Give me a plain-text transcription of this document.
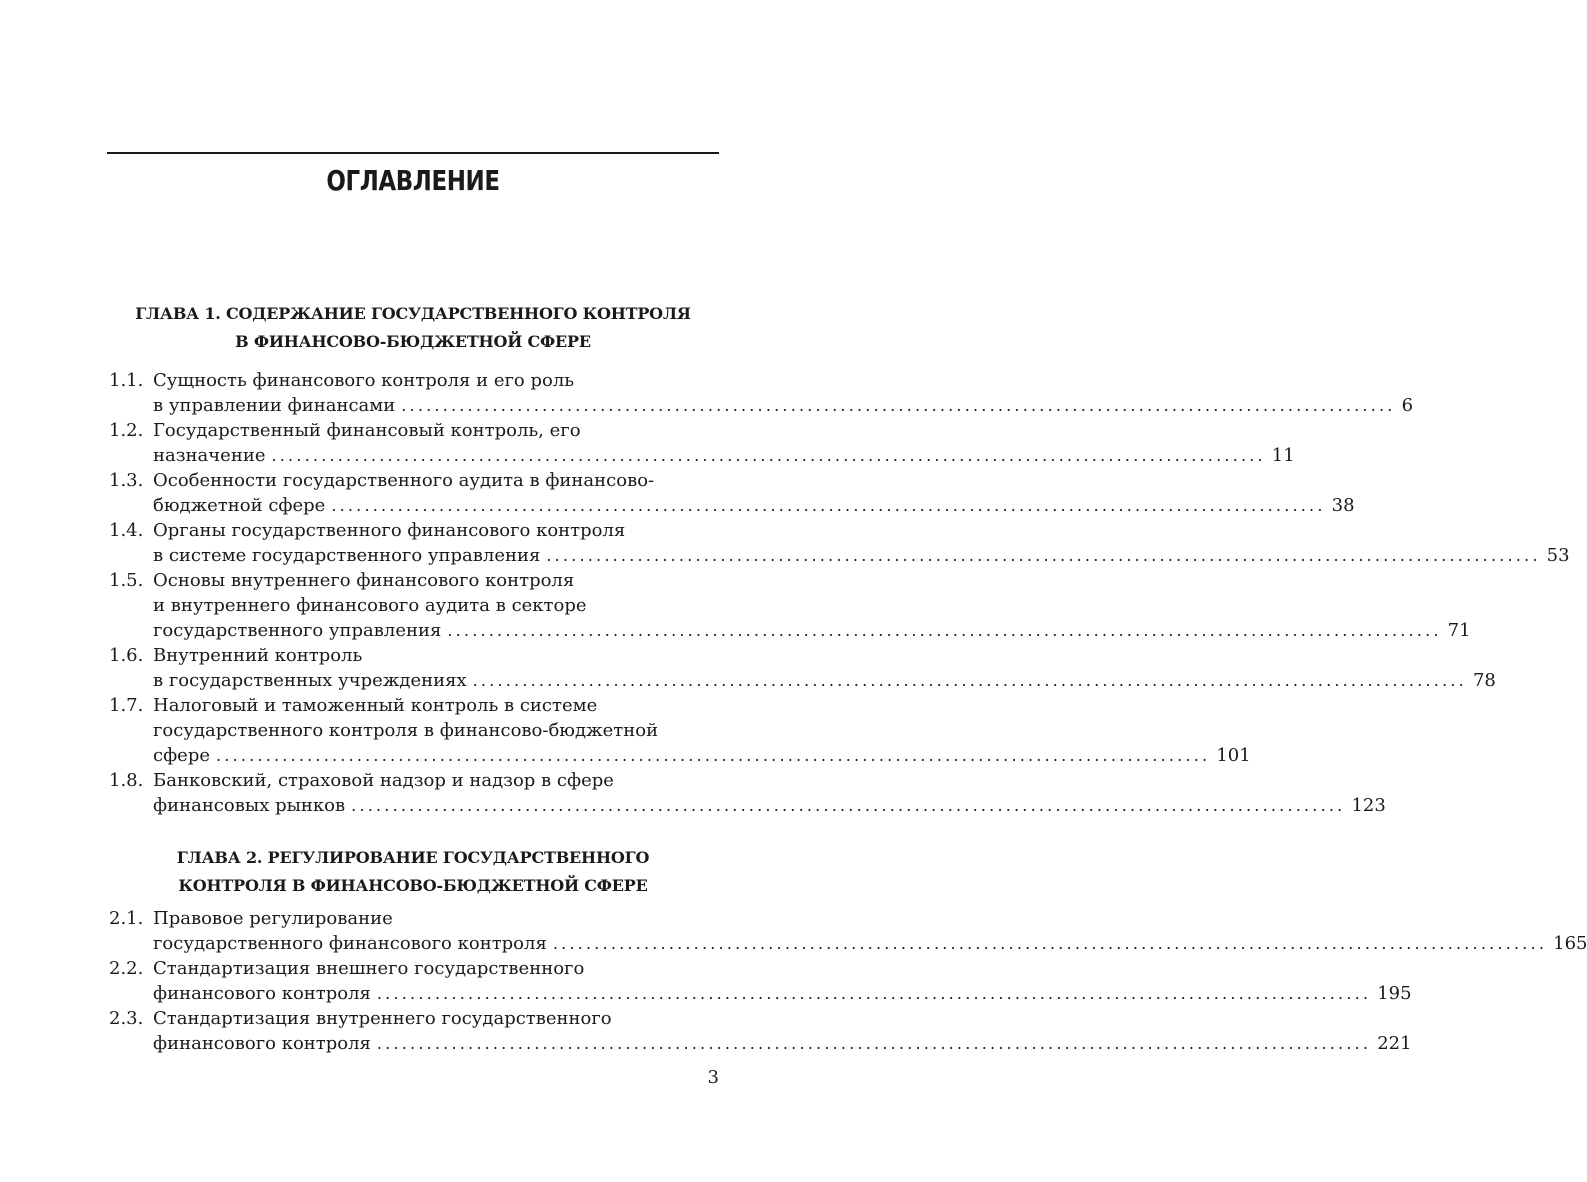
ОГЛАВЛЕНИЕ
ГЛАВА 1. СОДЕРЖАНИЕ ГОСУДАРСТВЕННОГО КОНТРОЛЯ
В ФИНАНСОВО-БЮДЖЕТНОЙ СФЕРЕ
1.1. Сущность финансового контроля и его роль
в управлении финансами ........................................................................................................................ 6
1.2. Государственный финансовый контроль, его
назначение ........................................................................................................................ 11
1.3. Особенности государственного аудита в финансово-
бюджетной сфере ........................................................................................................................ 38
1.4. Органы государственного финансового контроля
в системе государственного управления ........................................................................................................................ 53
1.5. Основы внутреннего финансового контроля
и внутреннего финансового аудита в секторе
государственного управления ........................................................................................................................ 71
1.6. Внутренний контроль
в государственных учреждениях ........................................................................................................................ 78
1.7. Налоговый и таможенный контроль в системе
государственного контроля в финансово-бюджетной
сфере ........................................................................................................................ 101
1.8. Банковский, страховой надзор и надзор в сфере
финансовых рынков ........................................................................................................................ 123
ГЛАВА 2. РЕГУЛИРОВАНИЕ ГОСУДАРСТВЕННОГО
КОНТРОЛЯ В ФИНАНСОВО-БЮДЖЕТНОЙ СФЕРЕ
2.1. Правовое регулирование
государственного финансового контроля ........................................................................................................................ 165
2.2. Стандартизация внешнего государственного
финансового контроля ........................................................................................................................ 195
2.3. Стандартизация внутреннего государственного
финансового контроля ........................................................................................................................ 221
3
